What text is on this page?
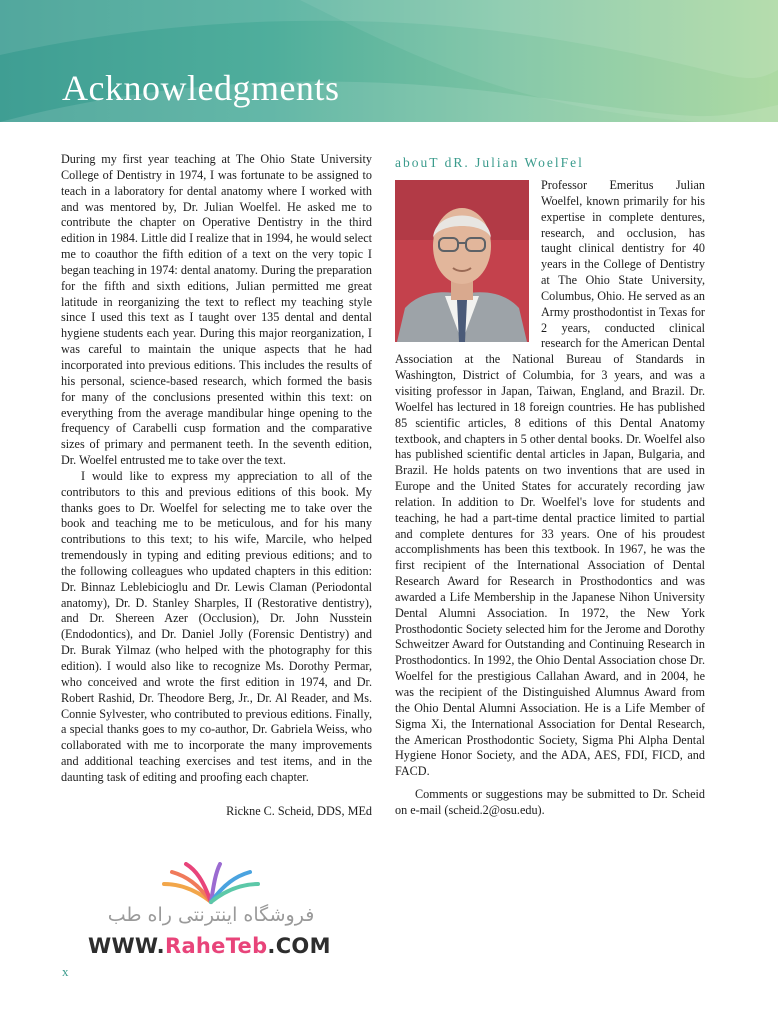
Acknowledgments

During my first year teaching at The Ohio State University College of Dentistry in 1974, I was fortunate to be assigned to teach in a laboratory for dental anatomy where I worked with and was mentored by, Dr. Julian Woelfel. He asked me to contribute the chapter on Operative Dentistry in the third edition in 1984. Little did I realize that in 1994, he would select me to coauthor the fifth edition of a text on the very topic I began teaching in 1974: dental anatomy. During the preparation for the fifth and sixth editions, Julian permitted me great latitude in reorganizing the text to reflect my teaching style since I used this text as I taught over 135 dental and dental hygiene students each year. During this major reorganization, I was careful to maintain the unique aspects that he had incorporated into previous editions. This includes the results of his personal, science-based research, which formed the basis for many of the conclusions presented within this text: on everything from the average mandibular hinge opening to the frequency of Carabelli cusp formation and the comparative sizes of primary and permanent teeth. In the seventh edition, Dr. Woelfel entrusted me to take over the text.

I would like to express my appreciation to all of the contributors to this and previous editions of this book. My thanks goes to Dr. Woelfel for selecting me to take over the book and teaching me to be meticulous, and for his many contributions to this text; to his wife, Marcile, who helped tremendously in typing and editing previous editions; and to the following colleagues who updated chapters in this edition: Dr. Binnaz Leblebicioglu and Dr. Lewis Claman (Periodontal anatomy), Dr. D. Stanley Sharples, II (Restorative dentistry), and Dr. Shereen Azer (Occlusion), Dr. John Nusstein (Endodontics), and Dr. Daniel Jolly (Forensic Dentistry) and Dr. Burak Yilmaz (who helped with the photography for this edition). I would also like to recognize Ms. Dorothy Permar, who conceived and wrote the first edition in 1974, and Dr. Robert Rashid, Dr. Theodore Berg, Jr., Dr. Al Reader, and Ms. Connie Sylvester, who contributed to previous editions. Finally, a special thanks goes to my co-author, Dr. Gabriela Weiss, who collaborated with me to incorporate the many improvements and additional teaching exercises and test items, and in the daunting task of editing and proofing each chapter.

Rickne C. Scheid, DDS, MEd
abouT dR. Julian WoelFel

Professor Emeritus Julian Woelfel, known primarily for his expertise in complete dentures, research, and occlusion, has taught clinical dentistry for 40 years in the College of Dentistry at The Ohio State University, Columbus, Ohio. He served as an Army prosthodontist in Texas for 2 years, conducted clinical research for the American Dental Association at the National Bureau of Standards in Washington, District of Columbia, for 3 years, and was a visiting professor in Japan, Taiwan, England, and Brazil. Dr. Woelfel has lectured in 18 foreign countries. He has published 85 scientific articles, 8 editions of this Dental Anatomy textbook, and chapters in 5 other dental books. Dr. Woelfel also has published scientific dental articles in Japan, Bulgaria, and Brazil. He holds patents on two inventions that are used in Europe and the United States for accurately recording jaw relation. In addition to Dr. Woelfel's love for students and teaching, he had a part-time dental practice limited to partial and complete dentures for 33 years. One of his proudest accomplishments has been this textbook. In 1967, he was the first recipient of the International Association of Dental Research Award for Research in Prosthodontics and was awarded a Life Membership in the Japanese Nihon University Dental Alumni Association. In 1972, the New York Prosthodontic Society selected him for the Jerome and Dorothy Schweitzer Award for Outstanding and Continuing Research in Prosthodontics. In 1992, the Ohio Dental Association chose Dr. Woelfel for the prestigious Callahan Award, and in 2004, he was the recipient of the Distinguished Alumnus Award from the Ohio Dental Alumni Association. He is a Life Member of Sigma Xi, the International Association for Dental Research, the American Prosthodontic Society, Sigma Phi Alpha Dental Hygiene Honor Society, and the ADA, AES, FDI, FICD, and FACD.

Comments or suggestions may be submitted to Dr. Scheid on e-mail (scheid.2@osu.edu).
فروشگاه اینترنتی راه طب

WWW.RaheTeb.COM

x
